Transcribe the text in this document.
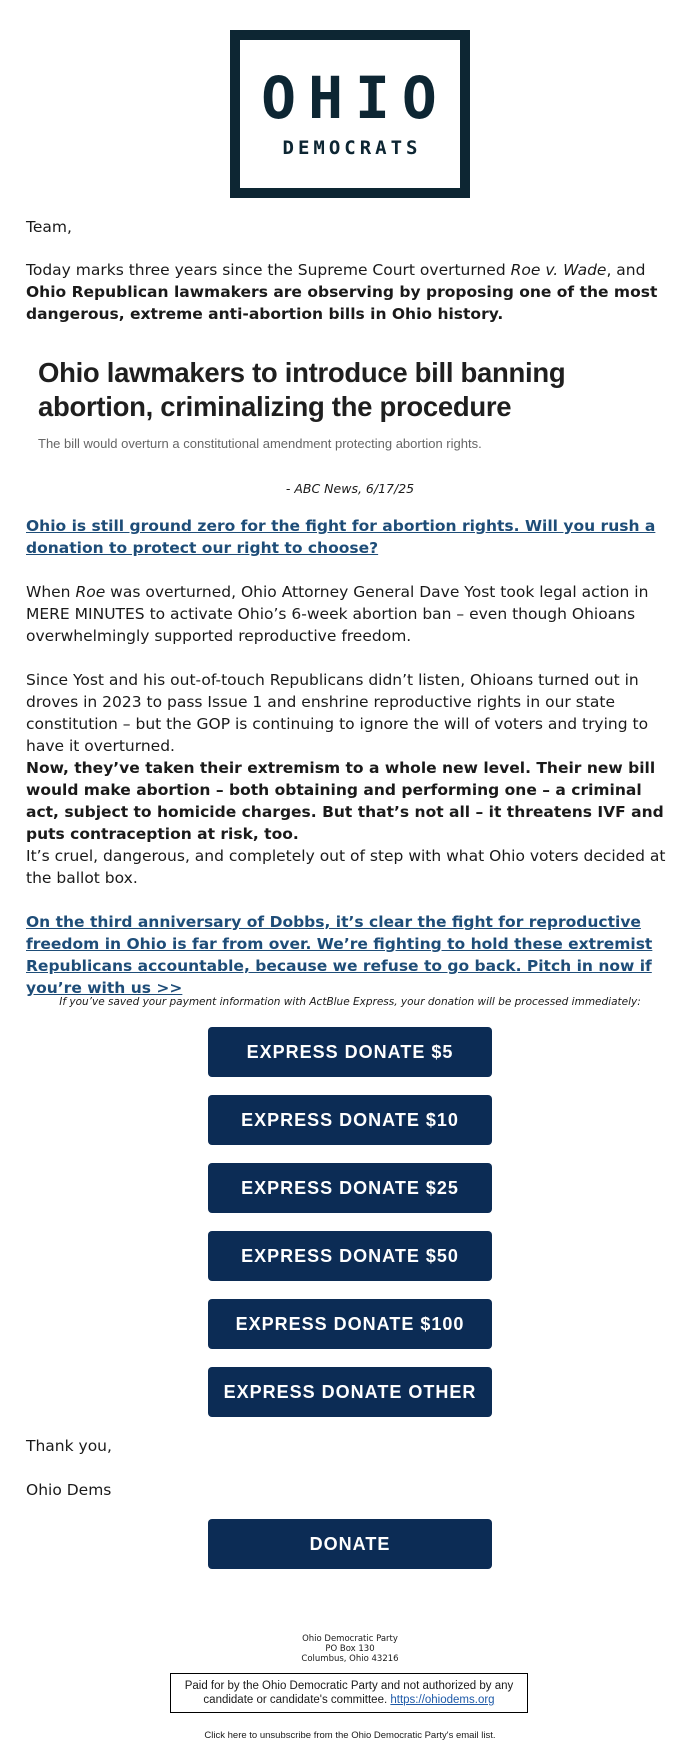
OHIO
DEMOCRATS
Team,
Today marks three years since the Supreme Court overturned Roe v. Wade, and Ohio Republican lawmakers are observing by proposing one of the most dangerous, extreme anti-abortion bills in Ohio history.
Ohio lawmakers to introduce bill banning abortion, criminalizing the procedure
The bill would overturn a constitutional amendment protecting abortion rights.
- ABC News, 6/17/25
Ohio is still ground zero for the fight for abortion rights. Will you rush a donation to protect our right to choose?
When Roe was overturned, Ohio Attorney General Dave Yost took legal action in MERE MINUTES to activate Ohio’s 6-week abortion ban – even though Ohioans overwhelmingly supported reproductive freedom.
Since Yost and his out-of-touch Republicans didn’t listen, Ohioans turned out in droves in 2023 to pass Issue 1 and enshrine reproductive rights in our state constitution – but the GOP is continuing to ignore the will of voters and trying to have it overturned.
Now, they’ve taken their extremism to a whole new level. Their new bill would make abortion – both obtaining and performing one – a criminal act, subject to homicide charges. But that’s not all – it threatens IVF and puts contraception at risk, too.
It’s cruel, dangerous, and completely out of step with what Ohio voters decided at the ballot box.
On the third anniversary of Dobbs, it’s clear the fight for reproductive freedom in Ohio is far from over. We’re fighting to hold these extremist Republicans accountable, because we refuse to go back. Pitch in now if you’re with us >>
If you’ve saved your payment information with ActBlue Express, your donation will be processed immediately:
EXPRESS DONATE $5
EXPRESS DONATE $10
EXPRESS DONATE $25
EXPRESS DONATE $50
EXPRESS DONATE $100
EXPRESS DONATE OTHER
Thank you,
Ohio Dems
DONATE
Ohio Democratic Party
PO Box 130
Columbus, Ohio 43216
Paid for by the Ohio Democratic Party and not authorized by any candidate or candidate's committee. https://ohiodems.org
Click here to unsubscribe from the Ohio Democratic Party's email list.
